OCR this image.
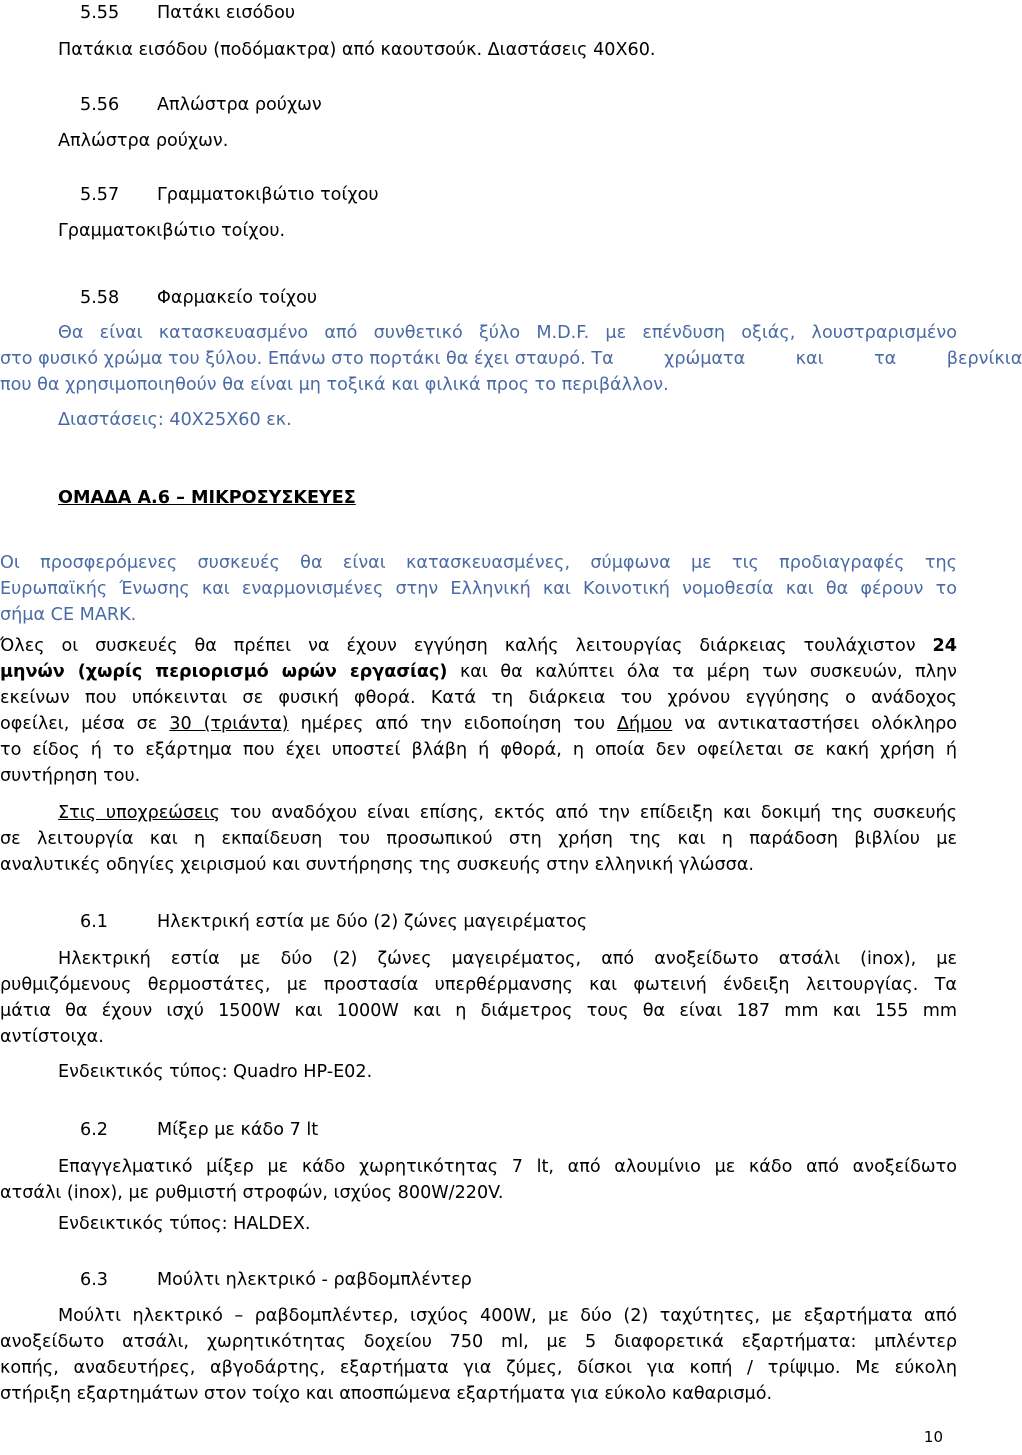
5.55 Πατάκι εισόδου

Πατάκια εισόδου (ποδόμακτρα) από καουτσούκ. Διαστάσεις 40Χ60.

5.56 Απλώστρα ρούχων

Απλώστρα ρούχων.

5.57 Γραμματοκιβώτιο τοίχου

Γραμματοκιβώτιο τοίχου.

5.58 Φαρμακείο τοίχου

Θα είναι κατασκευασμένο από συνθετικό ξύλο M.D.F. με επένδυση οξιάς, λουστραρισμένο

στο φυσικό χρώμα του ξύλου. Επάνω στο πορτάκι θα έχει σταυρό. Τα χρώματα και τα βερνίκια

που θα χρησιμοποιηθούν θα είναι μη τοξικά και φιλικά προς το περιβάλλον.

Διαστάσεις: 40Χ25Χ60 εκ.

ΟΜΑΔΑ Α.6 – ΜΙΚΡΟΣΥΣΚΕΥΕΣ

Οι προσφερόμενες συσκευές θα είναι κατασκευασμένες, σύμφωνα με τις προδιαγραφές της

Ευρωπαϊκής Ένωσης και εναρμονισμένες στην Ελληνική και Κοινοτική νομοθεσία και θα φέρουν το

σήμα CE MARK.

Όλες οι συσκευές θα πρέπει να έχουν εγγύηση καλής λειτουργίας διάρκειας τουλάχιστον 24

μηνών (χωρίς περιορισμό ωρών εργασίας) και θα καλύπτει όλα τα μέρη των συσκευών, πλην

εκείνων που υπόκεινται σε φυσική φθορά. Κατά τη διάρκεια του χρόνου εγγύησης ο ανάδοχος

οφείλει, μέσα σε 30 (τριάντα) ημέρες από την ειδοποίηση του Δήμου να αντικαταστήσει ολόκληρο

το είδος ή το εξάρτημα που έχει υποστεί βλάβη ή φθορά, η οποία δεν οφείλεται σε κακή χρήση ή

συντήρηση του.

Στις υποχρεώσεις του αναδόχου είναι επίσης, εκτός από την επίδειξη και δοκιμή της συσκευής

σε λειτουργία και η εκπαίδευση του προσωπικού στη χρήση της και η παράδοση βιβλίου με

αναλυτικές οδηγίες χειρισμού και συντήρησης της συσκευής στην ελληνική γλώσσα.

6.1	Ηλεκτρική εστία με δύο (2) ζώνες μαγειρέματος

Ηλεκτρική εστία με δύο (2) ζώνες μαγειρέματος, από ανοξείδωτο ατσάλι (inox), με

ρυθμιζόμενους θερμοστάτες, με προστασία υπερθέρμανσης και φωτεινή ένδειξη λειτουργίας. Τα

μάτια θα έχουν ισχύ 1500W και 1000W και η διάμετρος τους θα είναι 187 mm και 155 mm

αντίστοιχα.

Ενδεικτικός τύπος: Quadro HP-E02.

6.2	Μίξερ με κάδο 7 lt

Επαγγελματικό μίξερ με κάδο χωρητικότητας 7 lt, από αλουμίνιο με κάδο από ανοξείδωτο

ατσάλι (inox), με ρυθμιστή στροφών, ισχύος 800W/220V.

Ενδεικτικός τύπος: HALDEX.

6.3	Μούλτι ηλεκτρικό - ραβδομπλέντερ

Μούλτι ηλεκτρικό – ραβδομπλέντερ, ισχύος 400W, με δύο (2) ταχύτητες, με εξαρτήματα από

ανοξείδωτο ατσάλι, χωρητικότητας δοχείου 750 ml, με 5 διαφορετικά εξαρτήματα: μπλέντερ

κοπής, αναδευτήρες, αβγοδάρτης, εξαρτήματα για ζύμες, δίσκοι για κοπή / τρίψιμο. Με εύκολη

στήριξη εξαρτημάτων στον τοίχο και αποσπώμενα εξαρτήματα για εύκολο καθαρισμό.

10
